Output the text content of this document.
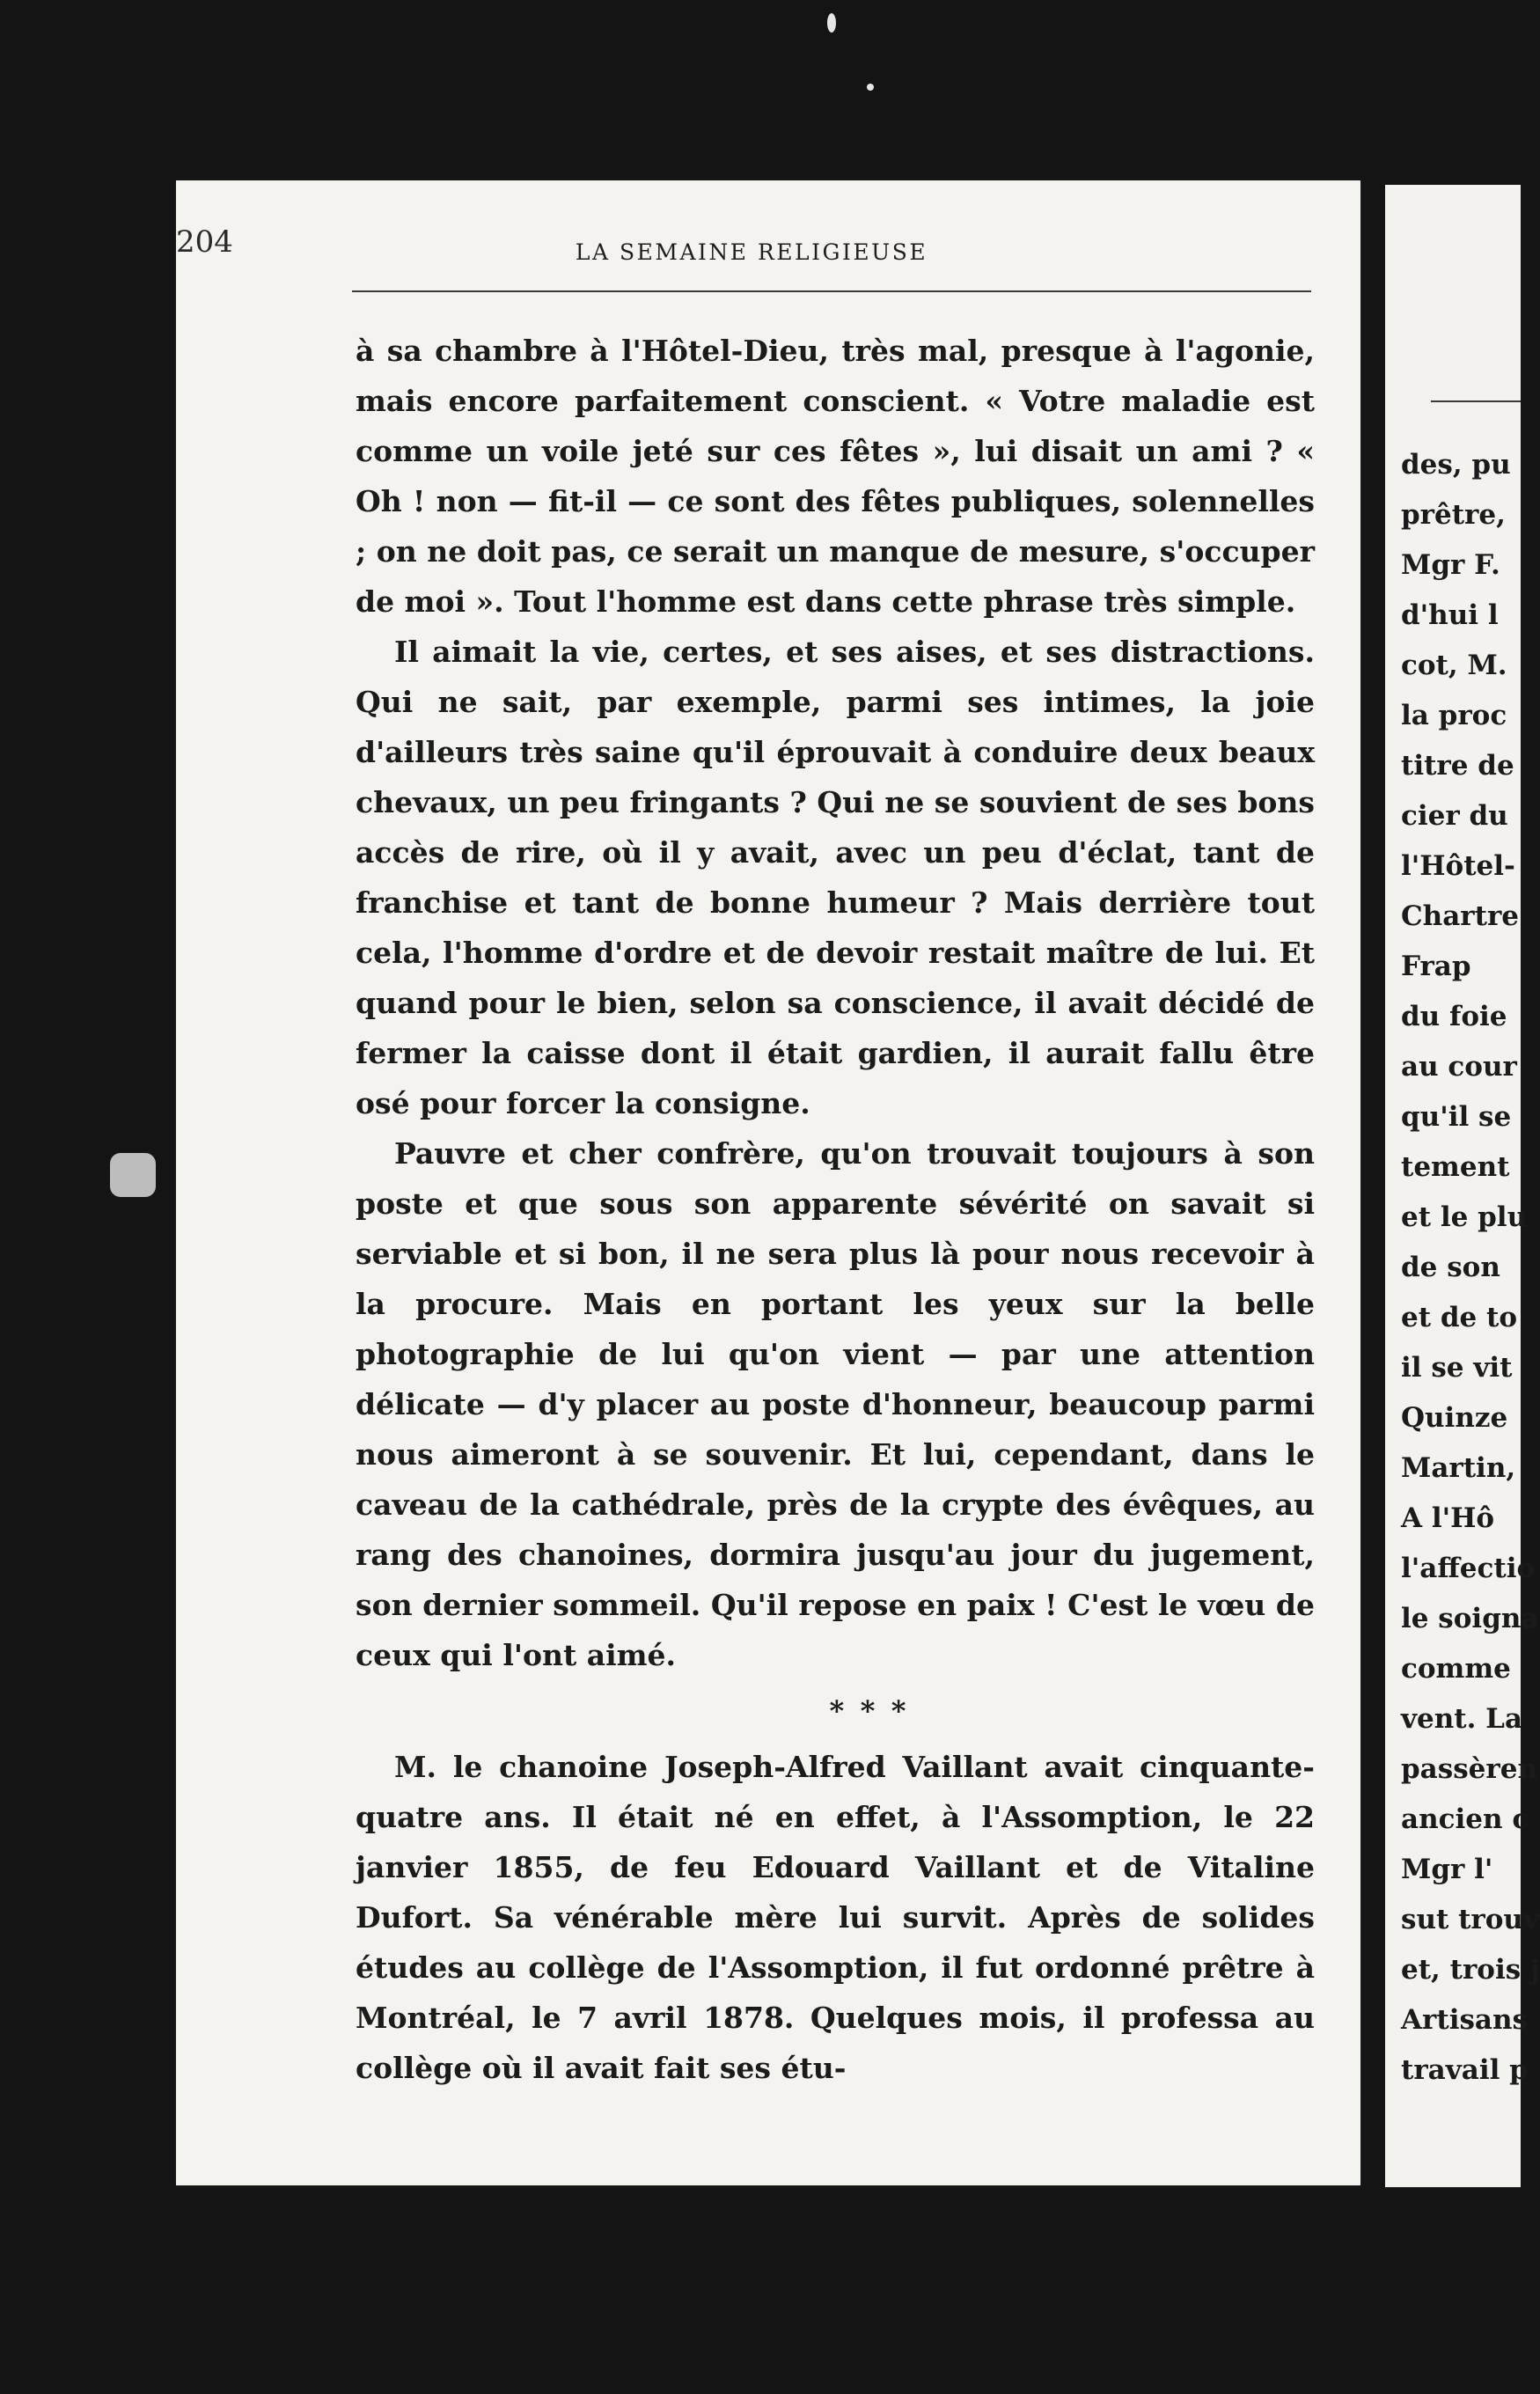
204	LA SEMAINE RELIGIEUSE

à sa chambre à l'Hôtel-Dieu, très mal, presque à l'agonie, mais encore parfaitement conscient. « Votre maladie est comme un voile jeté sur ces fêtes », lui disait un ami ? « Oh ! non — fit-il — ce sont des fêtes publiques, solennelles ; on ne doit pas, ce serait un manque de mesure, s'occuper de moi ». Tout l'homme est dans cette phrase très simple.

Il aimait la vie, certes, et ses aises, et ses distractions. Qui ne sait, par exemple, parmi ses intimes, la joie d'ailleurs très saine qu'il éprouvait à conduire deux beaux chevaux, un peu fringants ? Qui ne se souvient de ses bons accès de rire, où il y avait, avec un peu d'éclat, tant de franchise et tant de bonne humeur ? Mais derrière tout cela, l'homme d'ordre et de devoir restait maître de lui. Et quand pour le bien, selon sa conscience, il avait décidé de fermer la caisse dont il était gardien, il aurait fallu être osé pour forcer la consigne.

Pauvre et cher confrère, qu'on trouvait toujours à son poste et que sous son apparente sévérité on savait si serviable et si bon, il ne sera plus là pour nous recevoir à la procure. Mais en portant les yeux sur la belle photographie de lui qu'on vient — par une attention délicate — d'y placer au poste d'honneur, beaucoup parmi nous aimeront à se souvenir. Et lui, cependant, dans le caveau de la cathédrale, près de la crypte des évêques, au rang des chanoines, dormira jusqu'au jour du jugement, son dernier sommeil. Qu'il repose en paix ! C'est le vœu de ceux qui l'ont aimé.

* * *

M. le chanoine Joseph-Alfred Vaillant avait cinquante-quatre ans. Il était né en effet, à l'Assomption, le 22 janvier 1855, de feu Edouard Vaillant et de Vitaline Dufort. Sa vénérable mère lui survit. Après de solides études au collège de l'Assomption, il fut ordonné prêtre à Montréal, le 7 avril 1878. Quelques mois, il professa au collège où il avait fait ses étu-

des, pu
prêtre,
Mgr F.
d'hui l
cot, M.
la proc
titre de
cier du
l'Hôtel-
Chartre
Frap
du foie
au cour
qu'il se
tement
et le plu
de son
et de to
il se vit
Quinze
Martin,
A l'Hô
l'affectio
le soigna
comme
vent. La
passèren
ancien c
Mgr l'
sut trouv
et, trois j
Artisans
travail p
